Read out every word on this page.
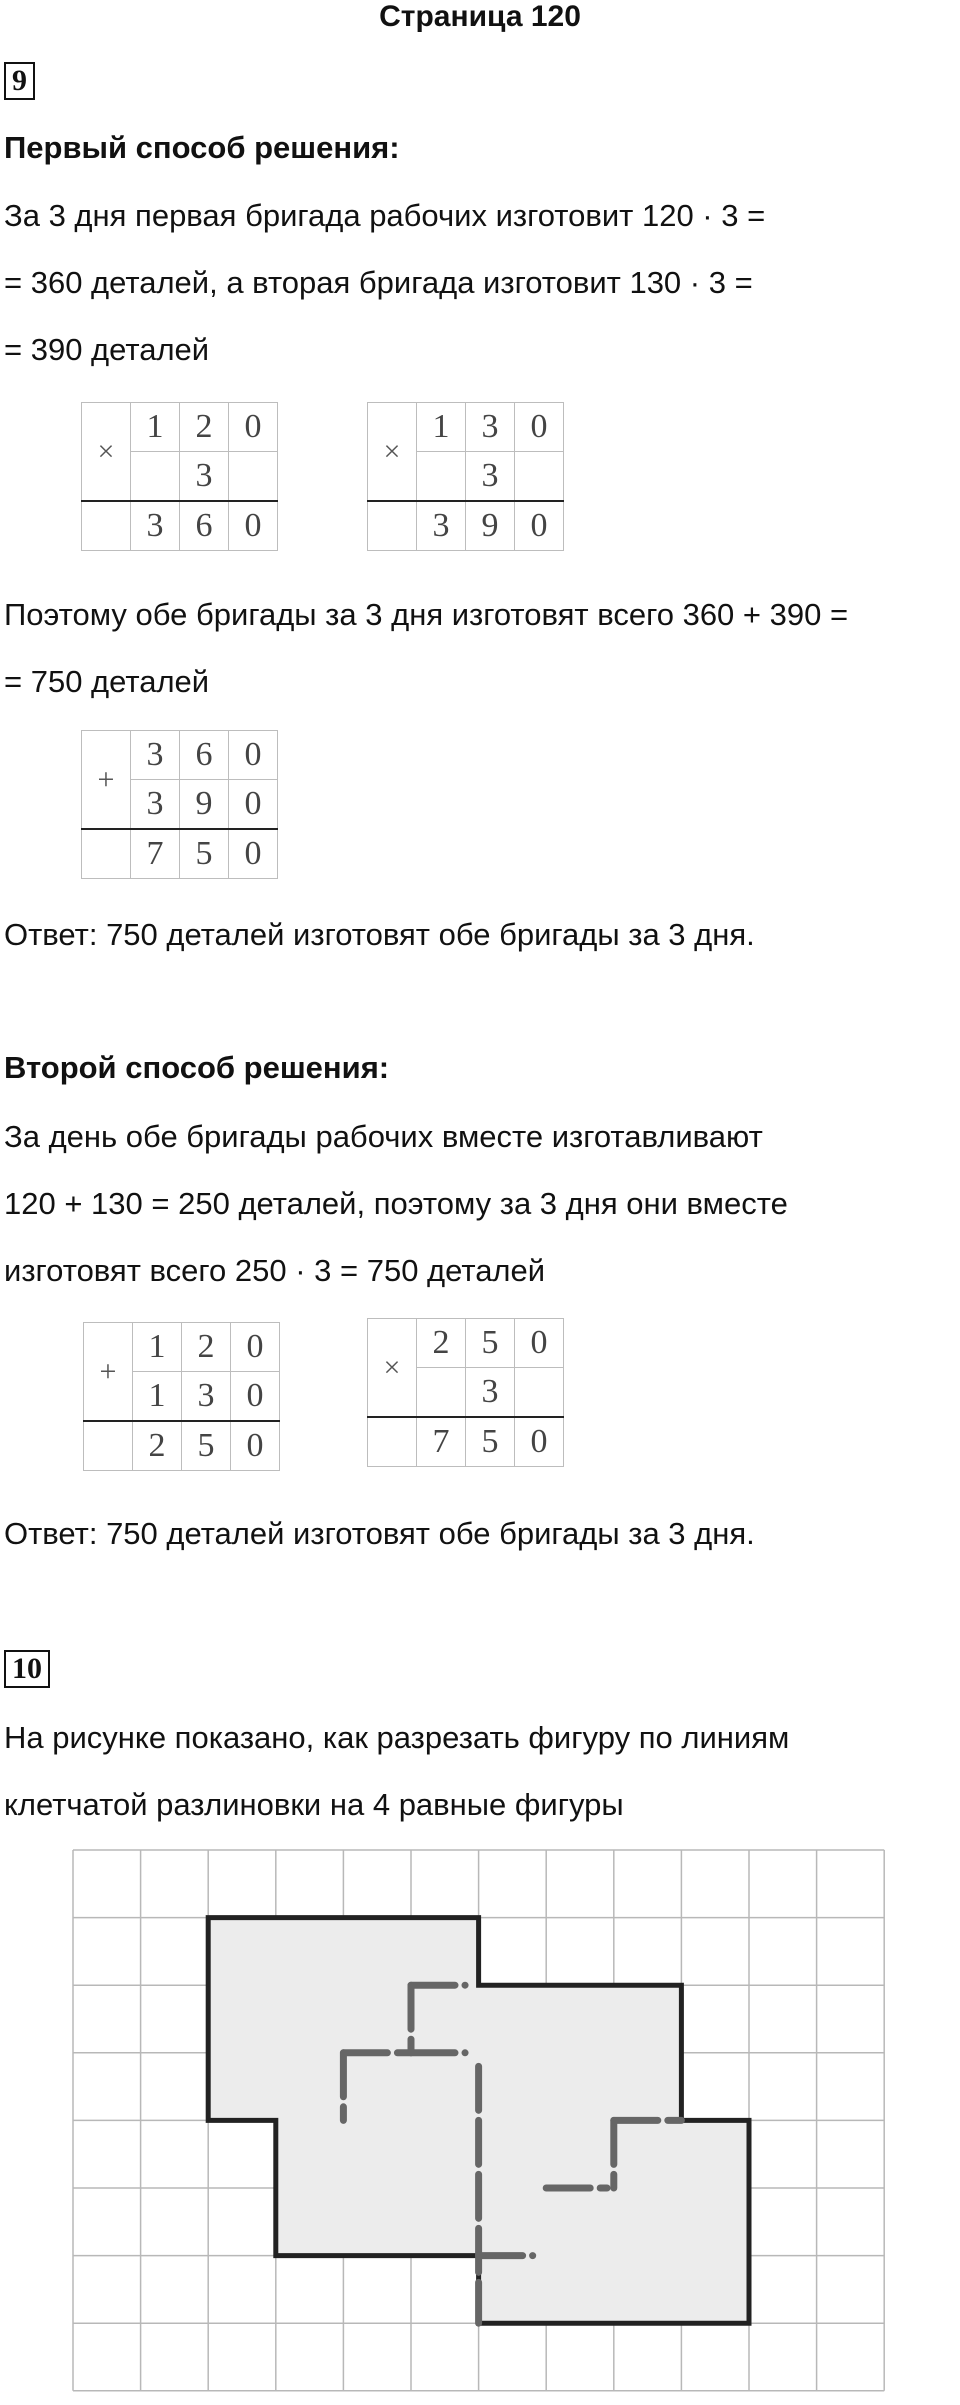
Страница 120
9
Первый способ решения:
За 3 дня первая бригада рабочих изготовит 120 · 3 =
= 360 деталей, а вторая бригада изготовит 130 · 3 =
= 390 деталей
×	1	2	0
		3	
	3	6	0
×	1	3	0
		3	
	3	9	0
Поэтому обе бригады за 3 дня изготовят всего 360 + 390 =
= 750 деталей
+	3	6	0
	3	9	0
	7	5	0
Ответ: 750 деталей изготовят обе бригады за 3 дня.
Второй способ решения:
За день обе бригады рабочих вместе изготавливают
120 + 130 = 250 деталей, поэтому за 3 дня они вместе
изготовят всего 250 · 3 = 750 деталей
+	1	2	0
	1	3	0
	2	5	0
×	2	5	0
		3	
	7	5	0
Ответ: 750 деталей изготовят обе бригады за 3 дня.
10
На рисунке показано, как разрезать фигуру по линиям
клетчатой разлиновки на 4 равные фигуры
